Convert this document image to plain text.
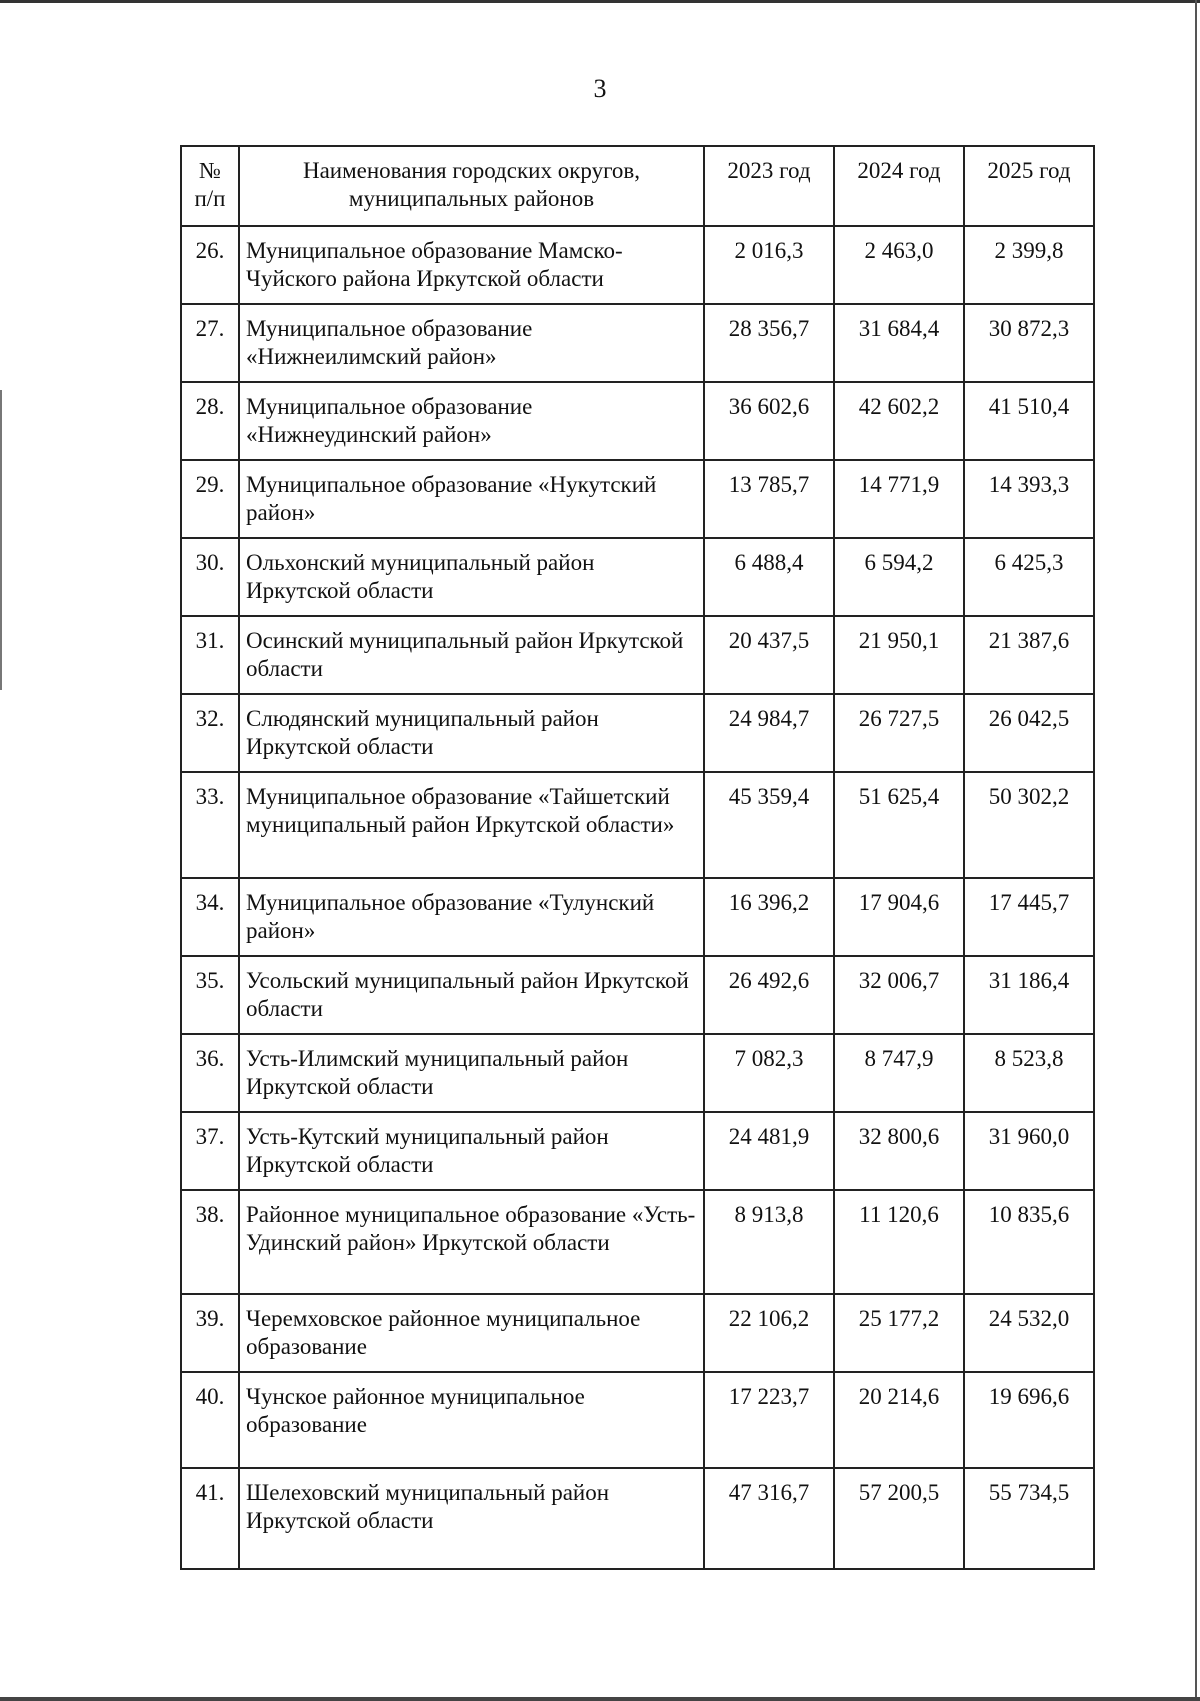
3
№ п/п	Наименования городских округов, муниципальных районов	2023 год	2024 год	2025 год
26.	Муниципальное образование Мамско-Чуйского района Иркутской области	2 016,3	2 463,0	2 399,8
27.	Муниципальное образование «Нижнеилимский район»	28 356,7	31 684,4	30 872,3
28.	Муниципальное образование «Нижнеудинский район»	36 602,6	42 602,2	41 510,4
29.	Муниципальное образование «Нукутский район»	13 785,7	14 771,9	14 393,3
30.	Ольхонский муниципальный район Иркутской области	6 488,4	6 594,2	6 425,3
31.	Осинский муниципальный район Иркутской области	20 437,5	21 950,1	21 387,6
32.	Слюдянский муниципальный район Иркутской области	24 984,7	26 727,5	26 042,5
33.	Муниципальное образование «Тайшетский муниципальный район Иркутской области»	45 359,4	51 625,4	50 302,2
34.	Муниципальное образование «Тулунский район»	16 396,2	17 904,6	17 445,7
35.	Усольский муниципальный район Иркутской области	26 492,6	32 006,7	31 186,4
36.	Усть-Илимский муниципальный район Иркутской области	7 082,3	8 747,9	8 523,8
37.	Усть-Кутский муниципальный район Иркутской области	24 481,9	32 800,6	31 960,0
38.	Районное муниципальное образование «Усть-Удинский район» Иркутской области	8 913,8	11 120,6	10 835,6
39.	Черемховское районное муниципальное образование	22 106,2	25 177,2	24 532,0
40.	Чунское районное муниципальное образование	17 223,7	20 214,6	19 696,6
41.	Шелеховский муниципальный район Иркутской области	47 316,7	57 200,5	55 734,5
